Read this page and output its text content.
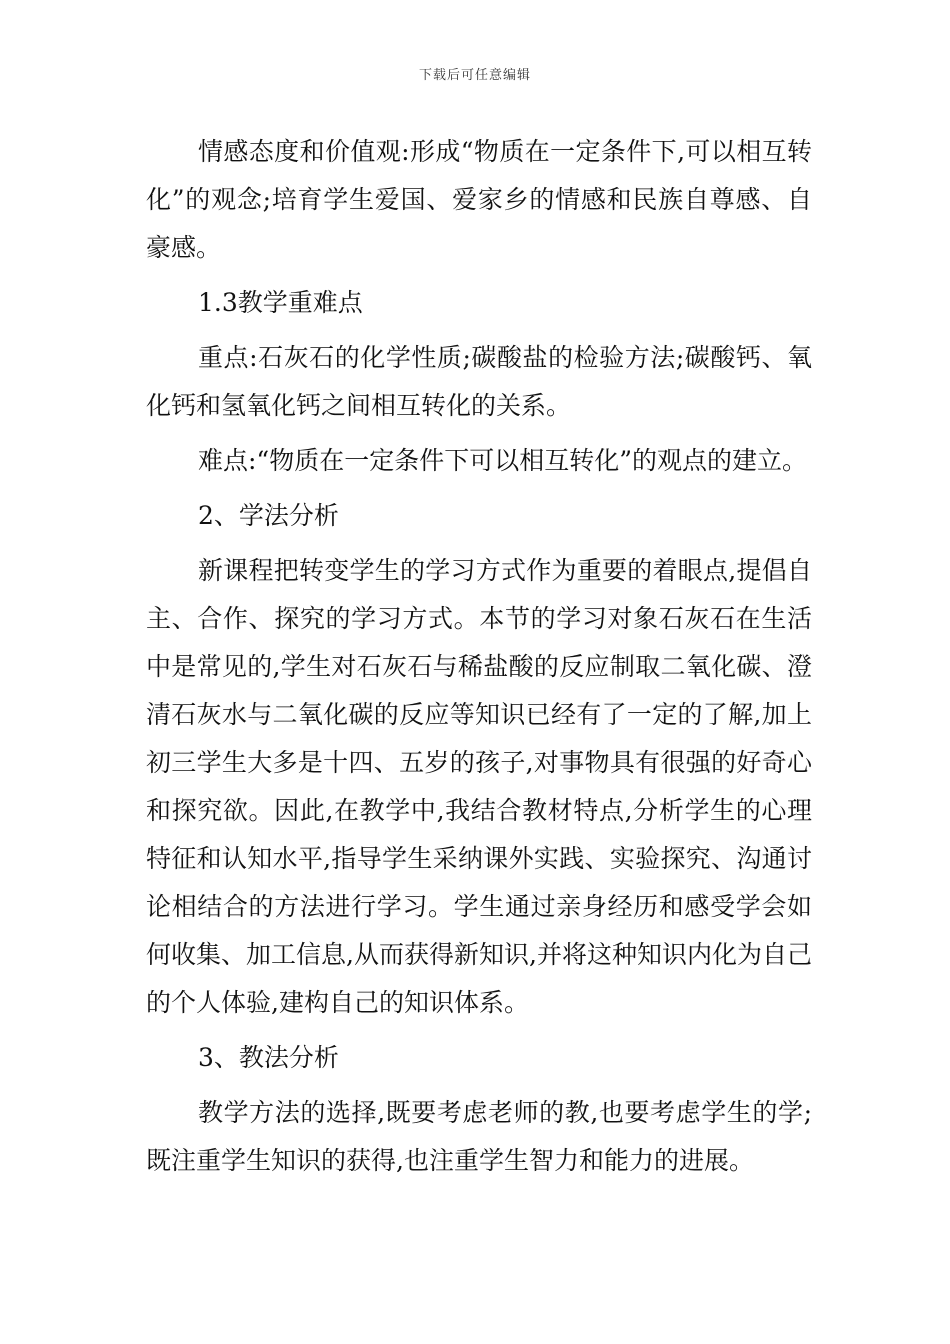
下载后可任意编辑

情感态度和价值观:形成“物质在一定条件下,可以相互转化”的观念;培育学生爱国、爱家乡的情感和民族自尊感、自豪感。

1.3教学重难点

重点:石灰石的化学性质;碳酸盐的检验方法;碳酸钙、氧化钙和氢氧化钙之间相互转化的关系。

难点:“物质在一定条件下可以相互转化”的观点的建立。

2、学法分析

新课程把转变学生的学习方式作为重要的着眼点,提倡自主、合作、探究的学习方式。本节的学习对象石灰石在生活中是常见的,学生对石灰石与稀盐酸的反应制取二氧化碳、澄清石灰水与二氧化碳的反应等知识已经有了一定的了解,加上初三学生大多是十四、五岁的孩子,对事物具有很强的好奇心和探究欲。因此,在教学中,我结合教材特点,分析学生的心理特征和认知水平,指导学生采纳课外实践、实验探究、沟通讨论相结合的方法进行学习。学生通过亲身经历和感受学会如何收集、加工信息,从而获得新知识,并将这种知识内化为自己的个人体验,建构自己的知识体系。

3、教法分析

教学方法的选择,既要考虑老师的教,也要考虑学生的学;既注重学生知识的获得,也注重学生智力和能力的进展。
